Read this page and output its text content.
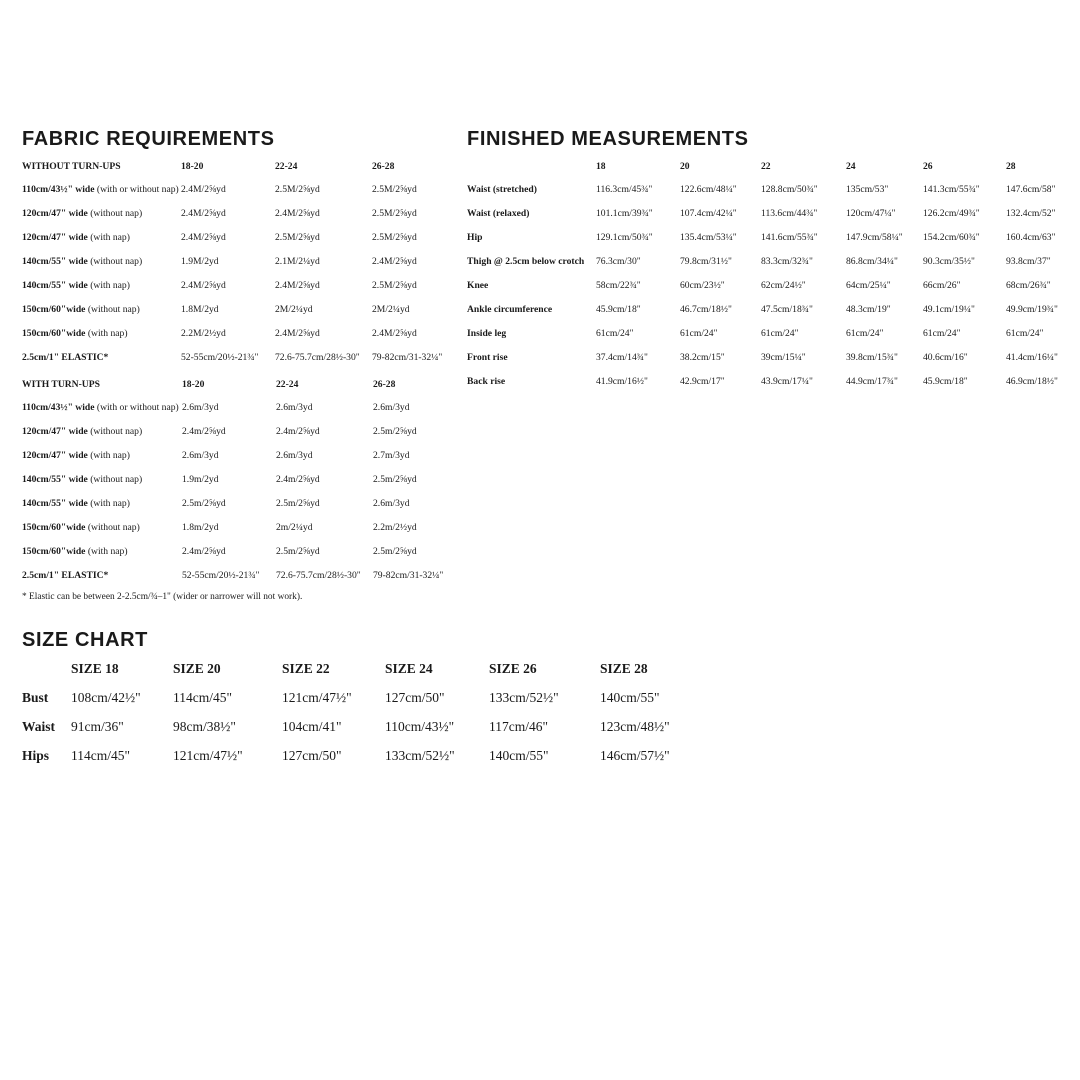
FABRIC REQUIREMENTS
WITHOUT TURN-UPS	18-20	22-24	26-28
110cm/43½" wide (with or without nap)	2.4M/2⅝yd	2.5M/2⅝yd	2.5M/2⅝yd
120cm/47" wide (without nap)	2.4M/2⅝yd	2.4M/2⅝yd	2.5M/2⅝yd
120cm/47" wide (with nap)	2.4M/2⅝yd	2.5M/2⅝yd	2.5M/2⅝yd
140cm/55" wide (without nap)	1.9M/2yd	2.1M/2¼yd	2.4M/2⅝yd
140cm/55" wide (with nap)	2.4M/2⅝yd	2.4M/2⅝yd	2.5M/2⅝yd
150cm/60"wide (without nap)	1.8M/2yd	2M/2¼yd	2M/2¼yd
150cm/60"wide (with nap)	2.2M/2½yd	2.4M/2⅝yd	2.4M/2⅝yd
2.5cm/1" ELASTIC*	52-55cm/20½-21¾"	72.6-75.7cm/28½-30"	79-82cm/31-32¼"
WITH TURN-UPS	18-20	22-24	26-28
110cm/43½" wide (with or without nap)	2.6m/3yd	2.6m/3yd	2.6m/3yd
120cm/47" wide (without nap)	2.4m/2⅝yd	2.4m/2⅝yd	2.5m/2⅝yd
120cm/47" wide (with nap)	2.6m/3yd	2.6m/3yd	2.7m/3yd
140cm/55" wide (without nap)	1.9m/2yd	2.4m/2⅝yd	2.5m/2⅝yd
140cm/55" wide (with nap)	2.5m/2⅝yd	2.5m/2⅝yd	2.6m/3yd
150cm/60"wide (without nap)	1.8m/2yd	2m/2¼yd	2.2m/2½yd
150cm/60"wide (with nap)	2.4m/2⅝yd	2.5m/2⅝yd	2.5m/2⅝yd
2.5cm/1" ELASTIC*	52-55cm/20½-21¾"	72.6-75.7cm/28½-30"	79-82cm/31-32¼"
* Elastic can be between 2-2.5cm/¾–1" (wider or narrower will not work).
FINISHED MEASUREMENTS
	18	20	22	24	26	28
Waist (stretched)	116.3cm/45¾"	122.6cm/48¼"	128.8cm/50¾"	135cm/53"	141.3cm/55¾"	147.6cm/58"
Waist (relaxed)	101.1cm/39¾"	107.4cm/42¼"	113.6cm/44¾"	120cm/47¼"	126.2cm/49¾"	132.4cm/52"
Hip	129.1cm/50¾"	135.4cm/53¼"	141.6cm/55¾"	147.9cm/58¼"	154.2cm/60¾"	160.4cm/63"
Thigh @ 2.5cm below crotch	76.3cm/30"	79.8cm/31½"	83.3cm/32¾"	86.8cm/34¼"	90.3cm/35½"	93.8cm/37"
Knee	58cm/22¾"	60cm/23½"	62cm/24½"	64cm/25¼"	66cm/26"	68cm/26¾"
Ankle circumference	45.9cm/18"	46.7cm/18½"	47.5cm/18¾"	48.3cm/19"	49.1cm/19¼"	49.9cm/19¾"
Inside leg	61cm/24"	61cm/24"	61cm/24"	61cm/24"	61cm/24"	61cm/24"
Front rise	37.4cm/14¾"	38.2cm/15"	39cm/15¼"	39.8cm/15¾"	40.6cm/16"	41.4cm/16¼"
Back rise	41.9cm/16½"	42.9cm/17"	43.9cm/17¼"	44.9cm/17¾"	45.9cm/18"	46.9cm/18½"
SIZE CHART
	SIZE 18	SIZE 20	SIZE 22	SIZE 24	SIZE 26	SIZE 28
Bust	108cm/42½"	114cm/45"	121cm/47½"	127cm/50"	133cm/52½"	140cm/55"
Waist	91cm/36"	98cm/38½"	104cm/41"	110cm/43½"	117cm/46"	123cm/48½"
Hips	114cm/45"	121cm/47½"	127cm/50"	133cm/52½"	140cm/55"	146cm/57½"
